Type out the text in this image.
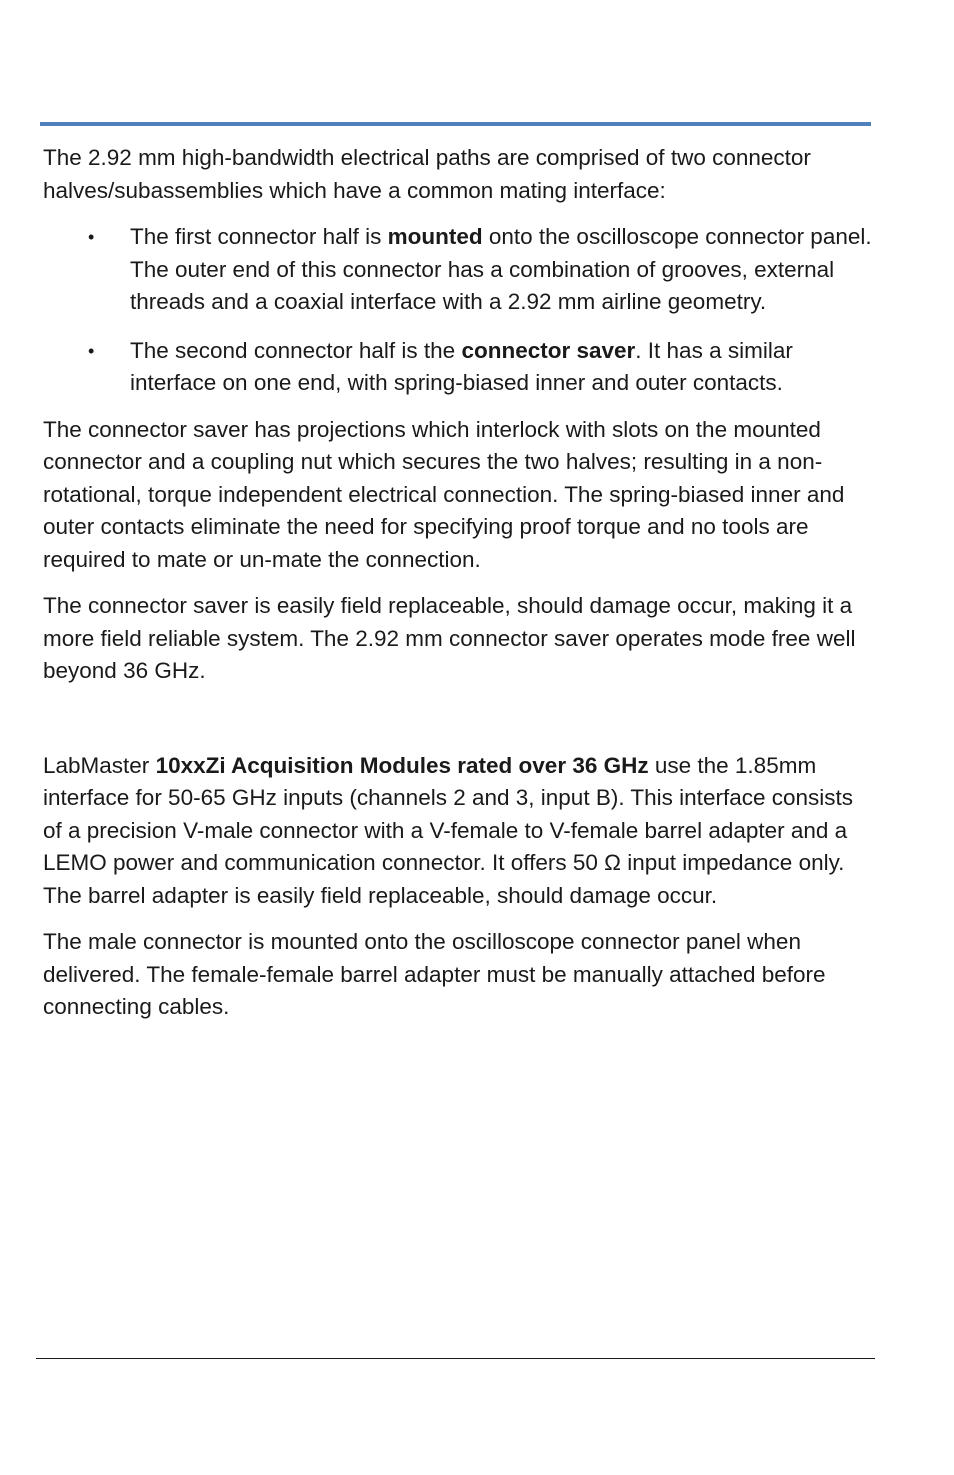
The 2.92 mm high-bandwidth electrical paths are comprised of two connector halves/subassemblies which have a common mating interface:

• The first connector half is mounted onto the oscilloscope connector panel. The outer end of this connector has a combination of grooves, external threads and a coaxial interface with a 2.92 mm airline geometry.
• The second connector half is the connector saver. It has a similar interface on one end, with spring-biased inner and outer contacts.

The connector saver has projections which interlock with slots on the mounted connector and a coupling nut which secures the two halves; resulting in a non-rotational, torque independent electrical connection. The spring-biased inner and outer contacts eliminate the need for specifying proof torque and no tools are required to mate or un-mate the connection.

The connector saver is easily field replaceable, should damage occur, making it a more field reliable system. The 2.92 mm connector saver operates mode free well beyond 36 GHz.

LabMaster 10xxZi Acquisition Modules rated over 36 GHz use the 1.85mm interface for 50-65 GHz inputs (channels 2 and 3, input B). This interface consists of a precision V-male connector with a V-female to V-female barrel adapter and a LEMO power and communication connector. It offers 50 Ω input impedance only. The barrel adapter is easily field replaceable, should damage occur.

The male connector is mounted onto the oscilloscope connector panel when delivered. The female-female barrel adapter must be manually attached before connecting cables.
